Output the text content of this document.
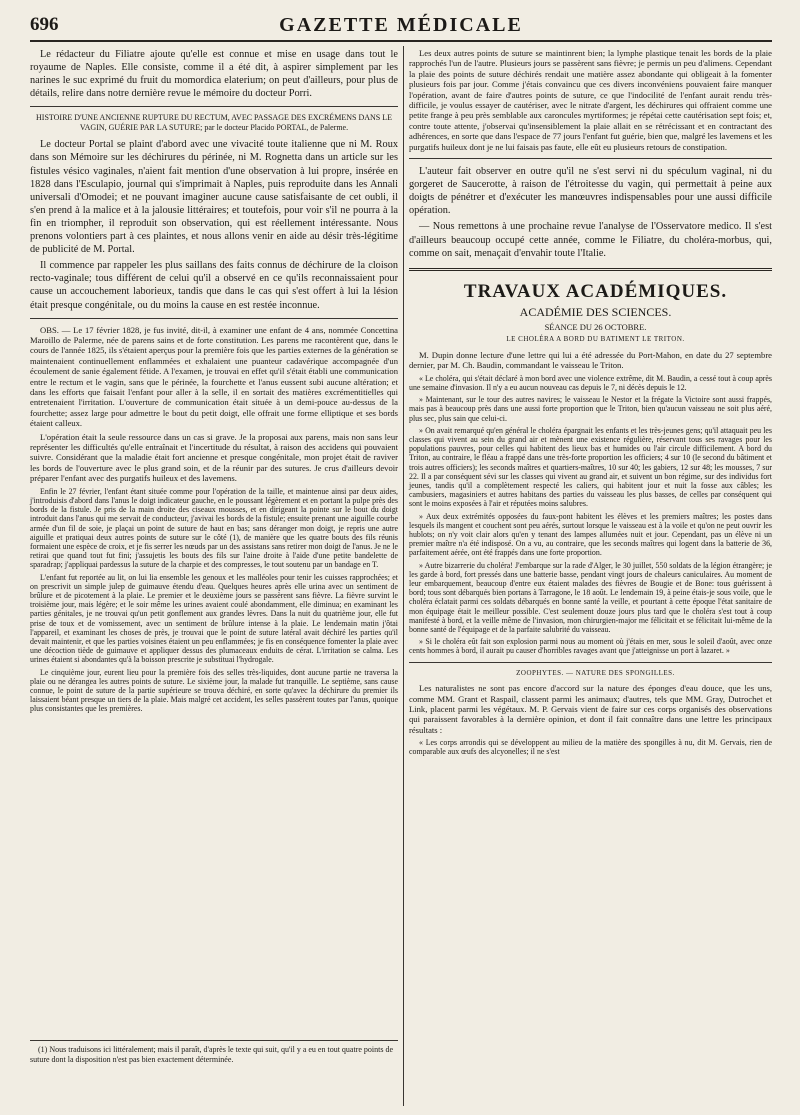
696	GAZETTE MÉDICALE

Le rédacteur du Filiatre ajoute qu'elle est connue et mise en usage dans tout le royaume de Naples. Elle consiste, comme il a été dit, à aspirer simplement par les narines le suc exprimé du fruit du momordica elaterium; on peut d'ailleurs, pour plus de détails, relire dans notre dernière revue le mémoire du docteur Porri.

HISTOIRE D'UNE ANCIENNE RUPTURE DU RECTUM, AVEC PASSAGE DES EXCRÉMENS DANS LE VAGIN, GUÉRIE PAR LA SUTURE; par le docteur Placido PORTAL, de Palerme.

Le docteur Portal se plaint d'abord avec une vivacité toute italienne que ni M. Roux dans son Mémoire sur les déchirures du périnée, ni M. Rognetta dans un article sur les fistules vésico vaginales, n'aient fait mention d'une observation à lui propre, insérée en 1828 dans l'Esculapio, journal qui s'imprimait à Naples, puis reproduite dans les Annali universali d'Omodei; et ne pouvant imaginer aucune cause satisfaisante de cet oubli, il s'en prend à la malice et à la jalousie littéraires; et toutefois, pour voir s'il ne pourra à la fin en triompher, il reproduit son observation, qui est réellement intéressante. Nous prenons volontiers part à ces plaintes, et nous allons venir en aide au désir très-légitime de publicité de M. Portal.

Il commence par rappeler les plus saillans des faits connus de déchirure de la cloison recto-vaginale; tous différent de celui qu'il a observé en ce qu'ils reconnaissaient pour cause un accouchement laborieux, tandis que dans le cas qui s'est offert à lui la lésion était presque congénitale, ou du moins la cause en est restée inconnue.

OBS. — Le 17 février 1828, je fus invité, dit-il, à examiner une enfant de 4 ans, nommée Concettina Maroillo de Palerme, née de parens sains et de forte constitution. Les parens me racontèrent que, dans le cours de l'année 1825, ils s'étaient aperçus pour la première fois que les parties externes de la génération se maintenaient continuellement enflammées et exhalaient une puanteur cadavérique accompagnée d'un écoulement de sanie également fétide. A l'examen, je trouvai en effet qu'il s'était établi une communication entre le rectum et le vagin, sans que le périnée, la fourchette et l'anus eussent subi aucune altération; et dans les efforts que faisait l'enfant pour aller à la selle, il en sortait des matières excrémentitielles qui entretenaient l'irritation. L'ouverture de communication était située à un demi-pouce au-dessus de la fourchette; assez large pour admettre le bout du petit doigt, elle offrait une forme elliptique et ses bords étaient calleux.

L'opération était la seule ressource dans un cas si grave. Je la proposai aux parens, mais non sans leur représenter les difficultés qu'elle entraînait et l'incertitude du résultat, à raison des accidens qui pouvaient suivre. Considérant que la maladie était fort ancienne et presque congénitale, mon projet était de raviver les bords de l'ouverture avec le plus grand soin, et de la réunir par des sutures. Je crus d'ailleurs devoir préparer l'enfant avec des purgatifs huileux et des lavemens.

Enfin le 27 février, l'enfant étant située comme pour l'opération de la taille, et maintenue ainsi par deux aides, j'introduisis d'abord dans l'anus le doigt indicateur gauche, en le poussant légèrement et en portant la pulpe près des bords de la fistule. Je pris de la main droite des ciseaux mousses, et en dirigeant la pointe sur le bout du doigt introduit dans l'anus qui me servait de conducteur, j'avivai les bords de la fistule; ensuite prenant une aiguille courbe armée d'un fil de soie, je plaçai un point de suture de haut en bas; sans déranger mon doigt, je repris une autre aiguille et pratiquai deux autres points de suture sur le côté (1), de manière que les quatre bouts des fils réunis formaient une espèce de croix, et je fis serrer les nœuds par un des assistans sans retirer mon doigt de l'anus. Je ne le retirai que quand tout fut fini; j'assujetis les bouts des fils sur l'aine droite à l'aide d'une petite bandelette de sparadrap; j'appliquai pardessus la suture de la charpie et des compresses, le tout soutenu par un bandage en T.

L'enfant fut reportée au lit, on lui lia ensemble les genoux et les malléoles pour tenir les cuisses rapprochées; et on prescrivit un simple julep de guimauve étendu d'eau. Quelques heures après elle urina avec un sentiment de brûlure et de picotement à la plaie. Le premier et le deuxième jours se passèrent sans fièvre. La fièvre survint le troisième jour, mais légère; et le soir même les urines avaient coulé abondamment, elle diminua; en examinant les parties génitales, je ne trouvai qu'un petit gonflement aux grandes lèvres. Dans la nuit du quatrième jour, elle fut prise de toux et de vomissement, avec un sentiment de brûlure intense à la plaie. Le lendemain matin j'ôtai l'appareil, et examinant les choses de près, je trouvai que le point de suture latéral avait déchiré les parties qu'il devait maintenir, et que les parties voisines étaient un peu enflammées; je fis en conséquence fomenter la plaie avec une décoction tiède de guimauve et appliquer dessus des plumaceaux enduits de cérat. L'irritation se calma. Les urines étaient si abondantes qu'à la boisson prescrite je substituai l'hydrogale.

Le cinquième jour, eurent lieu pour la première fois des selles très-liquides, dont aucune partie ne traversa la plaie ou ne dérangea les autres points de suture. Le sixième jour, la malade fut tranquille. Le septième, sans cause connue, le point de suture de la partie supérieure se trouva déchiré, en sorte qu'avec la déchirure du premier ils laissaient béant presque un tiers de la plaie. Mais malgré cet accident, les selles passèrent toutes par l'anus, quoique plus consistantes que les premières.

(1) Nous traduisons ici littéralement; mais il paraît, d'après le texte qui suit, qu'il y a eu en tout quatre points de suture dont la disposition n'est pas bien exactement déterminée.

Les deux autres points de suture se maintinrent bien; la lymphe plastique tenait les bords de la plaie rapprochés l'un de l'autre. Plusieurs jours se passèrent sans fièvre; je permis un peu d'alimens. Cependant la plaie des points de suture déchirés rendait une matière assez abondante qui obligeait à la fomenter plusieurs fois par jour. Comme j'étais convaincu que ces divers inconvéniens pouvaient faire manquer l'opération, avant de faire d'autres points de suture, ce que l'indocilité de l'enfant aurait rendu très-difficile, je voulus essayer de cautériser, avec le nitrate d'argent, les déchirures qui offraient comme une petite frange à peu près semblable aux caroncules myrtiformes; je répétai cette cautérisation sept fois; et, contre toute attente, j'observai qu'insensiblement la plaie allait en se rétrécissant et en contractant des adhérences, en sorte que dans l'espace de 77 jours l'enfant fut guérie, bien que, malgré les lavemens et les purgatifs huileux dont je ne lui faisais pas faute, elle eût eu plusieurs retours de constipation.

L'auteur fait observer en outre qu'il ne s'est servi ni du spéculum vaginal, ni du gorgeret de Saucerotte, à raison de l'étroitesse du vagin, qui permettait à peine aux doigts de pénétrer et d'exécuter les manœuvres indispensables pour une aussi difficile opération.

— Nous remettons à une prochaine revue l'analyse de l'Osservatore medico. Il s'est d'ailleurs beaucoup occupé cette année, comme le Filiatre, du choléra-morbus, qui, comme on sait, menaçait d'envahir toute l'Italie.

TRAVAUX ACADÉMIQUES.

ACADÉMIE DES SCIENCES.

SÉANCE DU 26 OCTOBRE.

LE CHOLÉRA A BORD DU BATIMENT LE TRITON.

M. Dupin donne lecture d'une lettre qui lui a été adressée du Port-Mahon, en date du 27 septembre dernier, par M. Ch. Baudin, commandant le vaisseau le Triton.

« Le choléra, qui s'était déclaré à mon bord avec une violence extrême, dit M. Baudin, a cessé tout à coup après une semaine d'invasion. Il n'y a eu aucun nouveau cas depuis le 7, ni décès depuis le 12.

» Maintenant, sur le tour des autres navires; le vaisseau le Nestor et la frégate la Victoire sont aussi frappés, mais pas à beaucoup près dans une aussi forte proportion que le Triton, bien qu'aucun vaisseau ne soit plus aéré, plus sec, plus sain que celui-ci.

» On avait remarqué qu'en général le choléra épargnait les enfants et les très-jeunes gens; qu'il attaquait peu les classes qui vivent au sein du grand air et mènent une existence régulière, réservant tous ses ravages pour les populations pauvres, pour celles qui habitent des lieux bas et humides ou l'air circule difficilement. A bord du Triton, au contraire, le fléau a frappé dans une très-forte proportion les officiers; 4 sur 10 (le second du bâtiment et trois autres officiers); les seconds maîtres et quartiers-maîtres, 10 sur 40; les gabiers, 12 sur 48; les mousses, 7 sur 22. Il a par conséquent sévi sur les classes qui vivent au grand air, et suivent un bon régime, sur des individus fort jeunes, tandis qu'il a complètement respecté les caliers, qui habitent jour et nuit la fosse aux câbles; les cambusiers, magasiniers et autres habitans des parties du vaisseau les plus basses, de celles par conséquent qui sont le moins exposées à l'air et réputées moins salubres.

» Aux deux extrémités opposées du faux-pont habitent les élèves et les premiers maîtres; les postes dans lesquels ils mangent et couchent sont peu aérés, surtout lorsque le vaisseau est à la voile et qu'on ne peut ouvrir les hublots; on n'y voit clair alors qu'en y tenant des lampes allumées nuit et jour. Cependant, pas un élève ni un premier maître n'a été indisposé. On a vu, au contraire, que les seconds maîtres qui logent dans la batterie de 36, parfaitement aérée, ont été frappés dans une forte proportion.

» Autre bizarrerie du choléra! J'embarque sur la rade d'Alger, le 30 juillet, 550 soldats de la légion étrangère; je les garde à bord, fort pressés dans une batterie basse, pendant vingt jours de chaleurs caniculaires. Au moment de leur embarquement, beaucoup d'entre eux étaient malades des fièvres de Bougie et de Bone: tous guérissent à bord; tous sont débarqués bien portans à Tarragone, le 18 août. Le lendemain 19, à peine étais-je sous voile, que le choléra éclatait parmi ces soldats débarqués en bonne santé la veille, et pourtant à cette époque l'état sanitaire de mon équipage était le meilleur possible. C'est seulement douze jours plus tard que le choléra s'est tout à coup manifesté à bord, et la veille même de l'invasion, mon chirurgien-major me félicitait et se félicitait lui-même de la bonne santé de l'équipage et de la parfaite salubrité du vaisseau.

» Si le choléra eût fait son explosion parmi nous au moment où j'étais en mer, sous le soleil d'août, avec onze cents hommes à bord, il aurait pu causer d'horribles ravages avant que j'atteignisse un port à lazaret. »

ZOOPHYTES. — NATURE DES SPONGILLES.

Les naturalistes ne sont pas encore d'accord sur la nature des éponges d'eau douce, que les uns, comme MM. Grant et Raspail, classent parmi les animaux; d'autres, tels que MM. Gray, Dutrochet et Link, placent parmi les végétaux. M. P. Gervais vient de faire sur ces corps organisés des observations qui paraissent favorables à la dernière opinion, et dont il fait connaître dans une lettre les principaux résultats :

« Les corps arrondis qui se développent au milieu de la matière des spongilles à nu, dit M. Gervais, rien de comparable aux œufs des alcyonelles; il ne s'est
